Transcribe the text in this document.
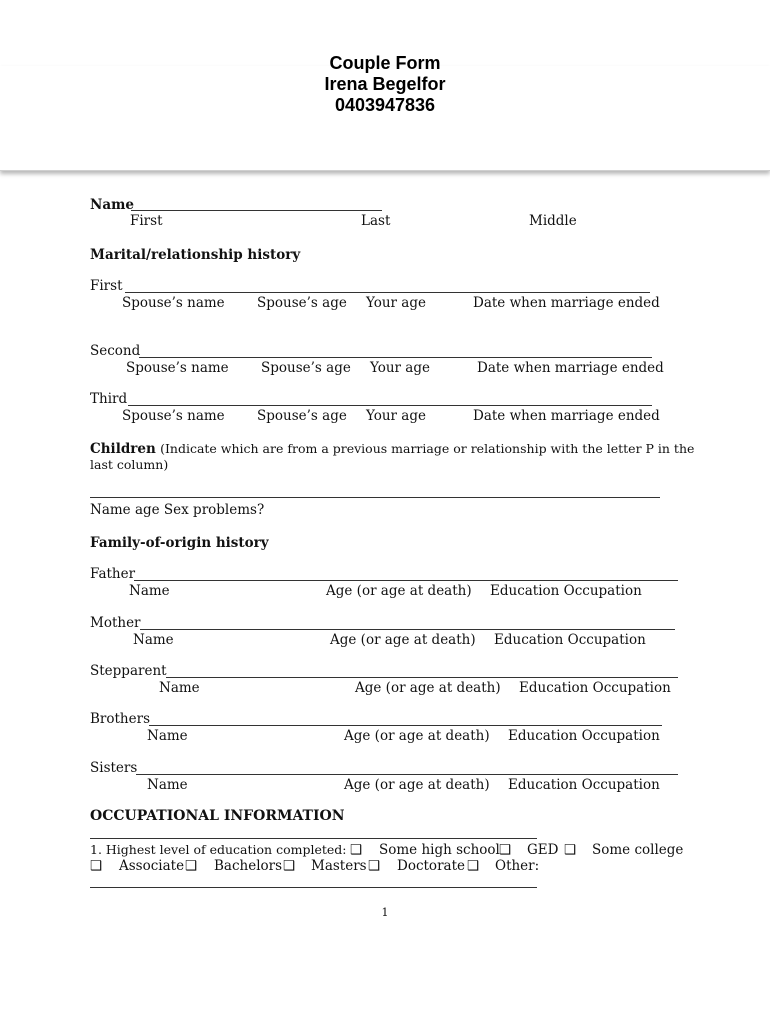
Couple Form
Irena Begelfor
0403947836
Name
First	Last	Middle
Marital/relationship history
First
Spouse’s name Spouse’s age Your age	Date when marriage ended
Second
Spouse’s name Spouse’s age Your age	Date when marriage ended
Third
Spouse’s name Spouse’s age Your age	Date when marriage ended
Children (Indicate which are from a previous marriage or relationship with the letter P in the
last column)
Name age Sex problems?
Family-of-origin history
Father
Name	Age (or age at death) Education Occupation
Mother
Name	Age (or age at death) Education Occupation
Stepparent
Name	Age (or age at death) Education Occupation
Brothers
Name	Age (or age at death) Education Occupation
Sisters
Name	Age (or age at death) Education Occupation
OCCUPATIONAL INFORMATION
1. Highest level of education completed: ❑ Some high school ❑ GED ❑ Some college
❑ Associate ❑ Bachelors ❑ Masters ❑ Doctorate ❑ Other:
1
